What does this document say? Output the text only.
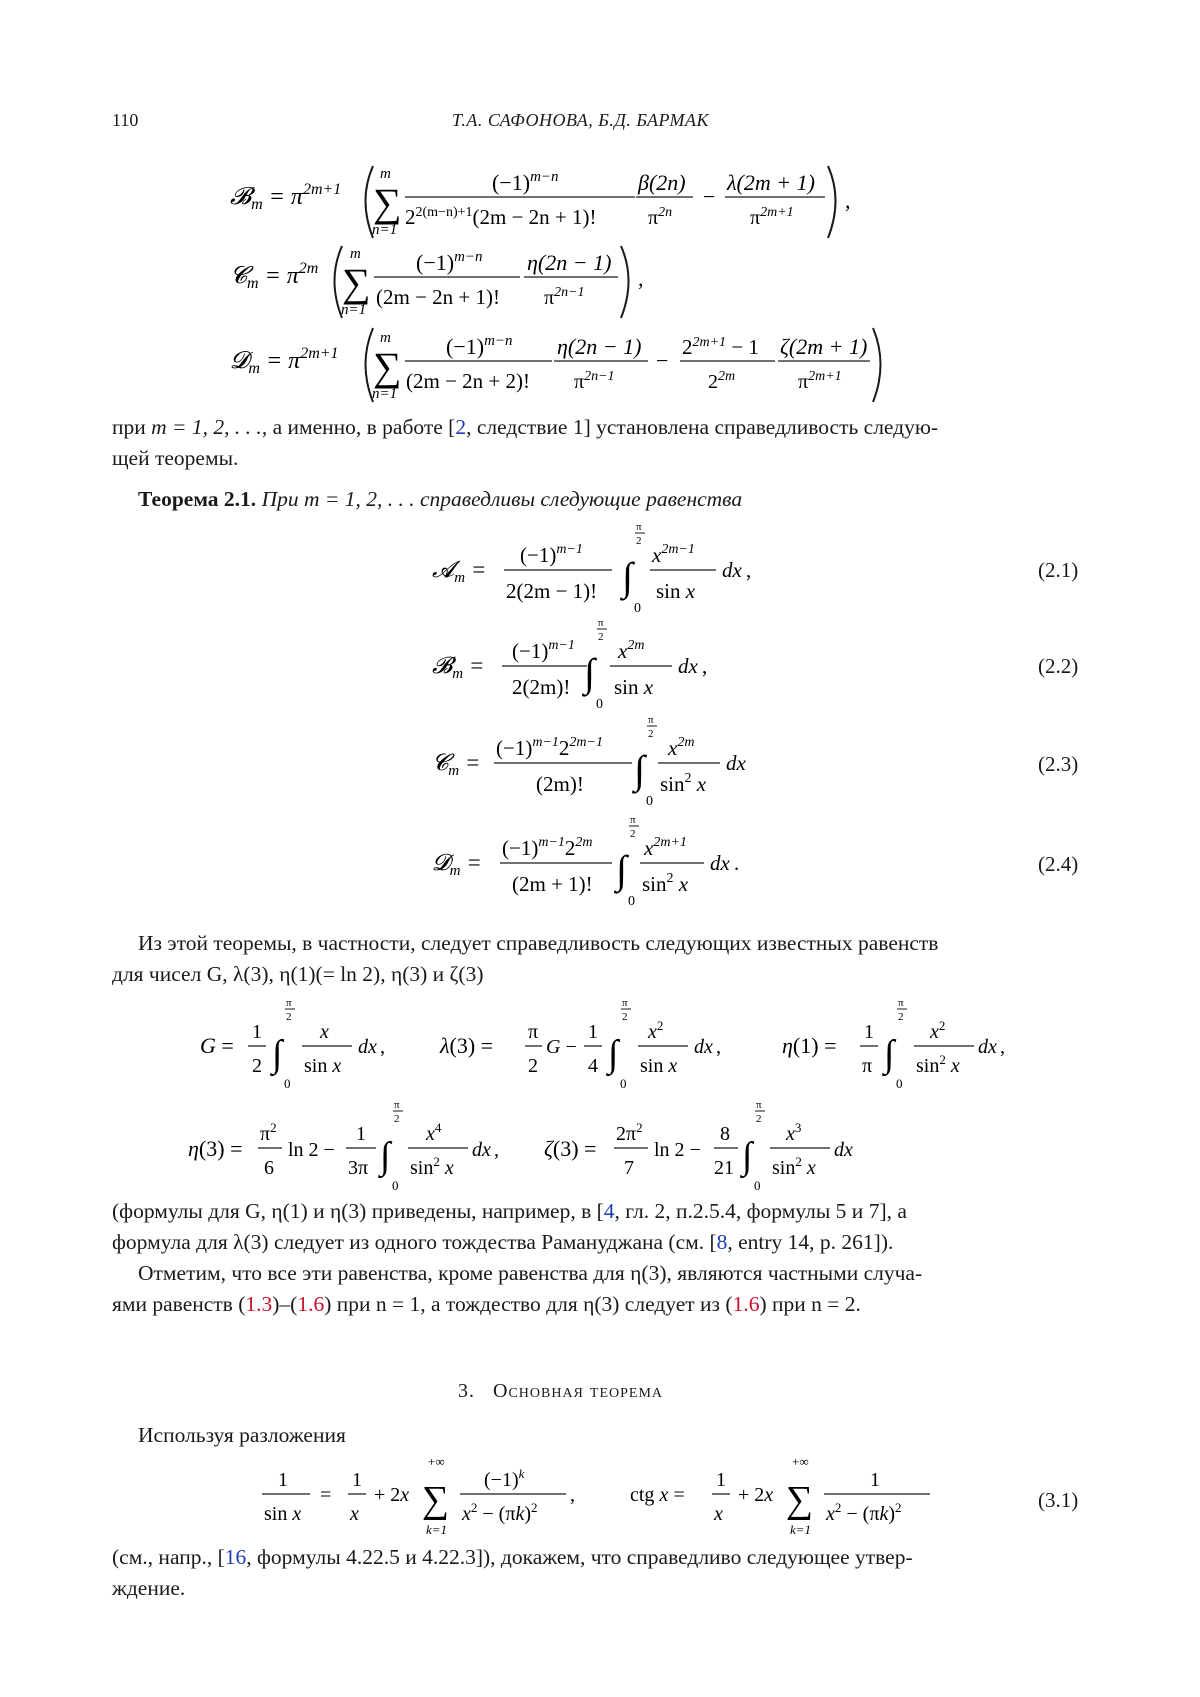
110	Т.А. САФОНОВА, Б.Д. БАРМАК
𝓑$_m$ = $\pi^{2m+1}$
m
∑
n=1
$(-1)^{m-n}$
$2^{2(m-n)+1}(2m - 2n + 1)$!
β(2n)
$\pi^{2n}$
−
λ(2m + 1)
$\pi^{2m+1}$ ,
𝓒$_m$ = $\pi^{2m}$
m
∑
n=1
$(-1)^{m-n}$
(2m − 2n + 1)!
η(2n − 1)
$\pi^{2n-1}$
,
𝓓$_m$ = $\pi^{2m+1}$
m
∑
n=1
$(-1)^{m-n}$
(2m − 2n + 2)!
η(2n − 1)
$\pi^{2n-1}$
−
$2^{2m+1} - 1$
$2^{2m}$
ζ(2m + 1)
$\pi^{2m+1}$
при m = 1, 2, . . ., а именно, в работе [2, следствие 1] установлена справедливость следую-
щей теоремы.
Теорема 2.1. При m = 1, 2, . . . справедливы следующие равенства
𝓐$_m$ =
$(-1)^{m-1}$
2(2m − 1)!
π
2
∫
0
$x^{2m-1}$
sin x
dx ,
𝓑$_m$ =
$(-1)^{m-1}$
2(2m)!
π
2
∫
0
$x^{2m}$
sin x
dx ,
𝓒$_m$ =
$(-1)^{m-1}2^{2m-1}$
(2m)!
π
2
∫
0
$x^{2m}$
$\sin^2 x$
dx
𝓓$_m$ =
$(-1)^{m-1}2^{2m}$
(2m + 1)!
π
2
∫
0
$x^{2m+1}$
$\sin^2 x$
dx .
(2.1)
(2.2)
(2.3)
(2.4)
Из этой теоремы, в частности, следует справедливость следующих известных равенств
для чисел G, λ(3), η(1)(= ln 2), η(3) и ζ(3)
G =
1
2
π
2
∫
0
x
sin x
dx ,	λ(3) =
π
2
G −
1
4
π
2
∫
0
$x^2$
sin x
dx ,	η(1) =
1
π
π
2
∫
0
$x^2$
$\sin^2 x$
dx ,
η(3) =
$\pi^2$
6
ln 2 −
1
3π
π
2
∫
0
$x^4$
$\sin^2 x$
dx , ζ(3) =
$2\pi^2$
7
ln 2 −
8
21
π
2
∫
0
$x^3$
$\sin^2 x$
dx
(формулы для G, η(1) и η(3) приведены, например, в [4, гл. 2, п.2.5.4, формулы 5 и 7], а
формула для λ(3) следует из одного тождества Рамануджана (см. [8, entry 14, p. 261]).
Отметим, что все эти равенства, кроме равенства для η(3), являются частными случа-
ями равенств (1.3)–(1.6) при n = 1, а тождество для η(3) следует из (1.6) при n = 2.
3. Основная теорема
Используя разложения
1
sin x
=
1
x
+ 2x
+∞
∑
k=1
$(-1)^k$
$x^2 - (\pi k)^2$
,	ctg x =
1
x
+ 2x
+∞
∑
k=1
1
$x^2 - (\pi k)^2$	(3.1)
(см., напр., [16, формулы 4.22.5 и 4.22.3]), докажем, что справедливо следующее утвер-
ждение.
